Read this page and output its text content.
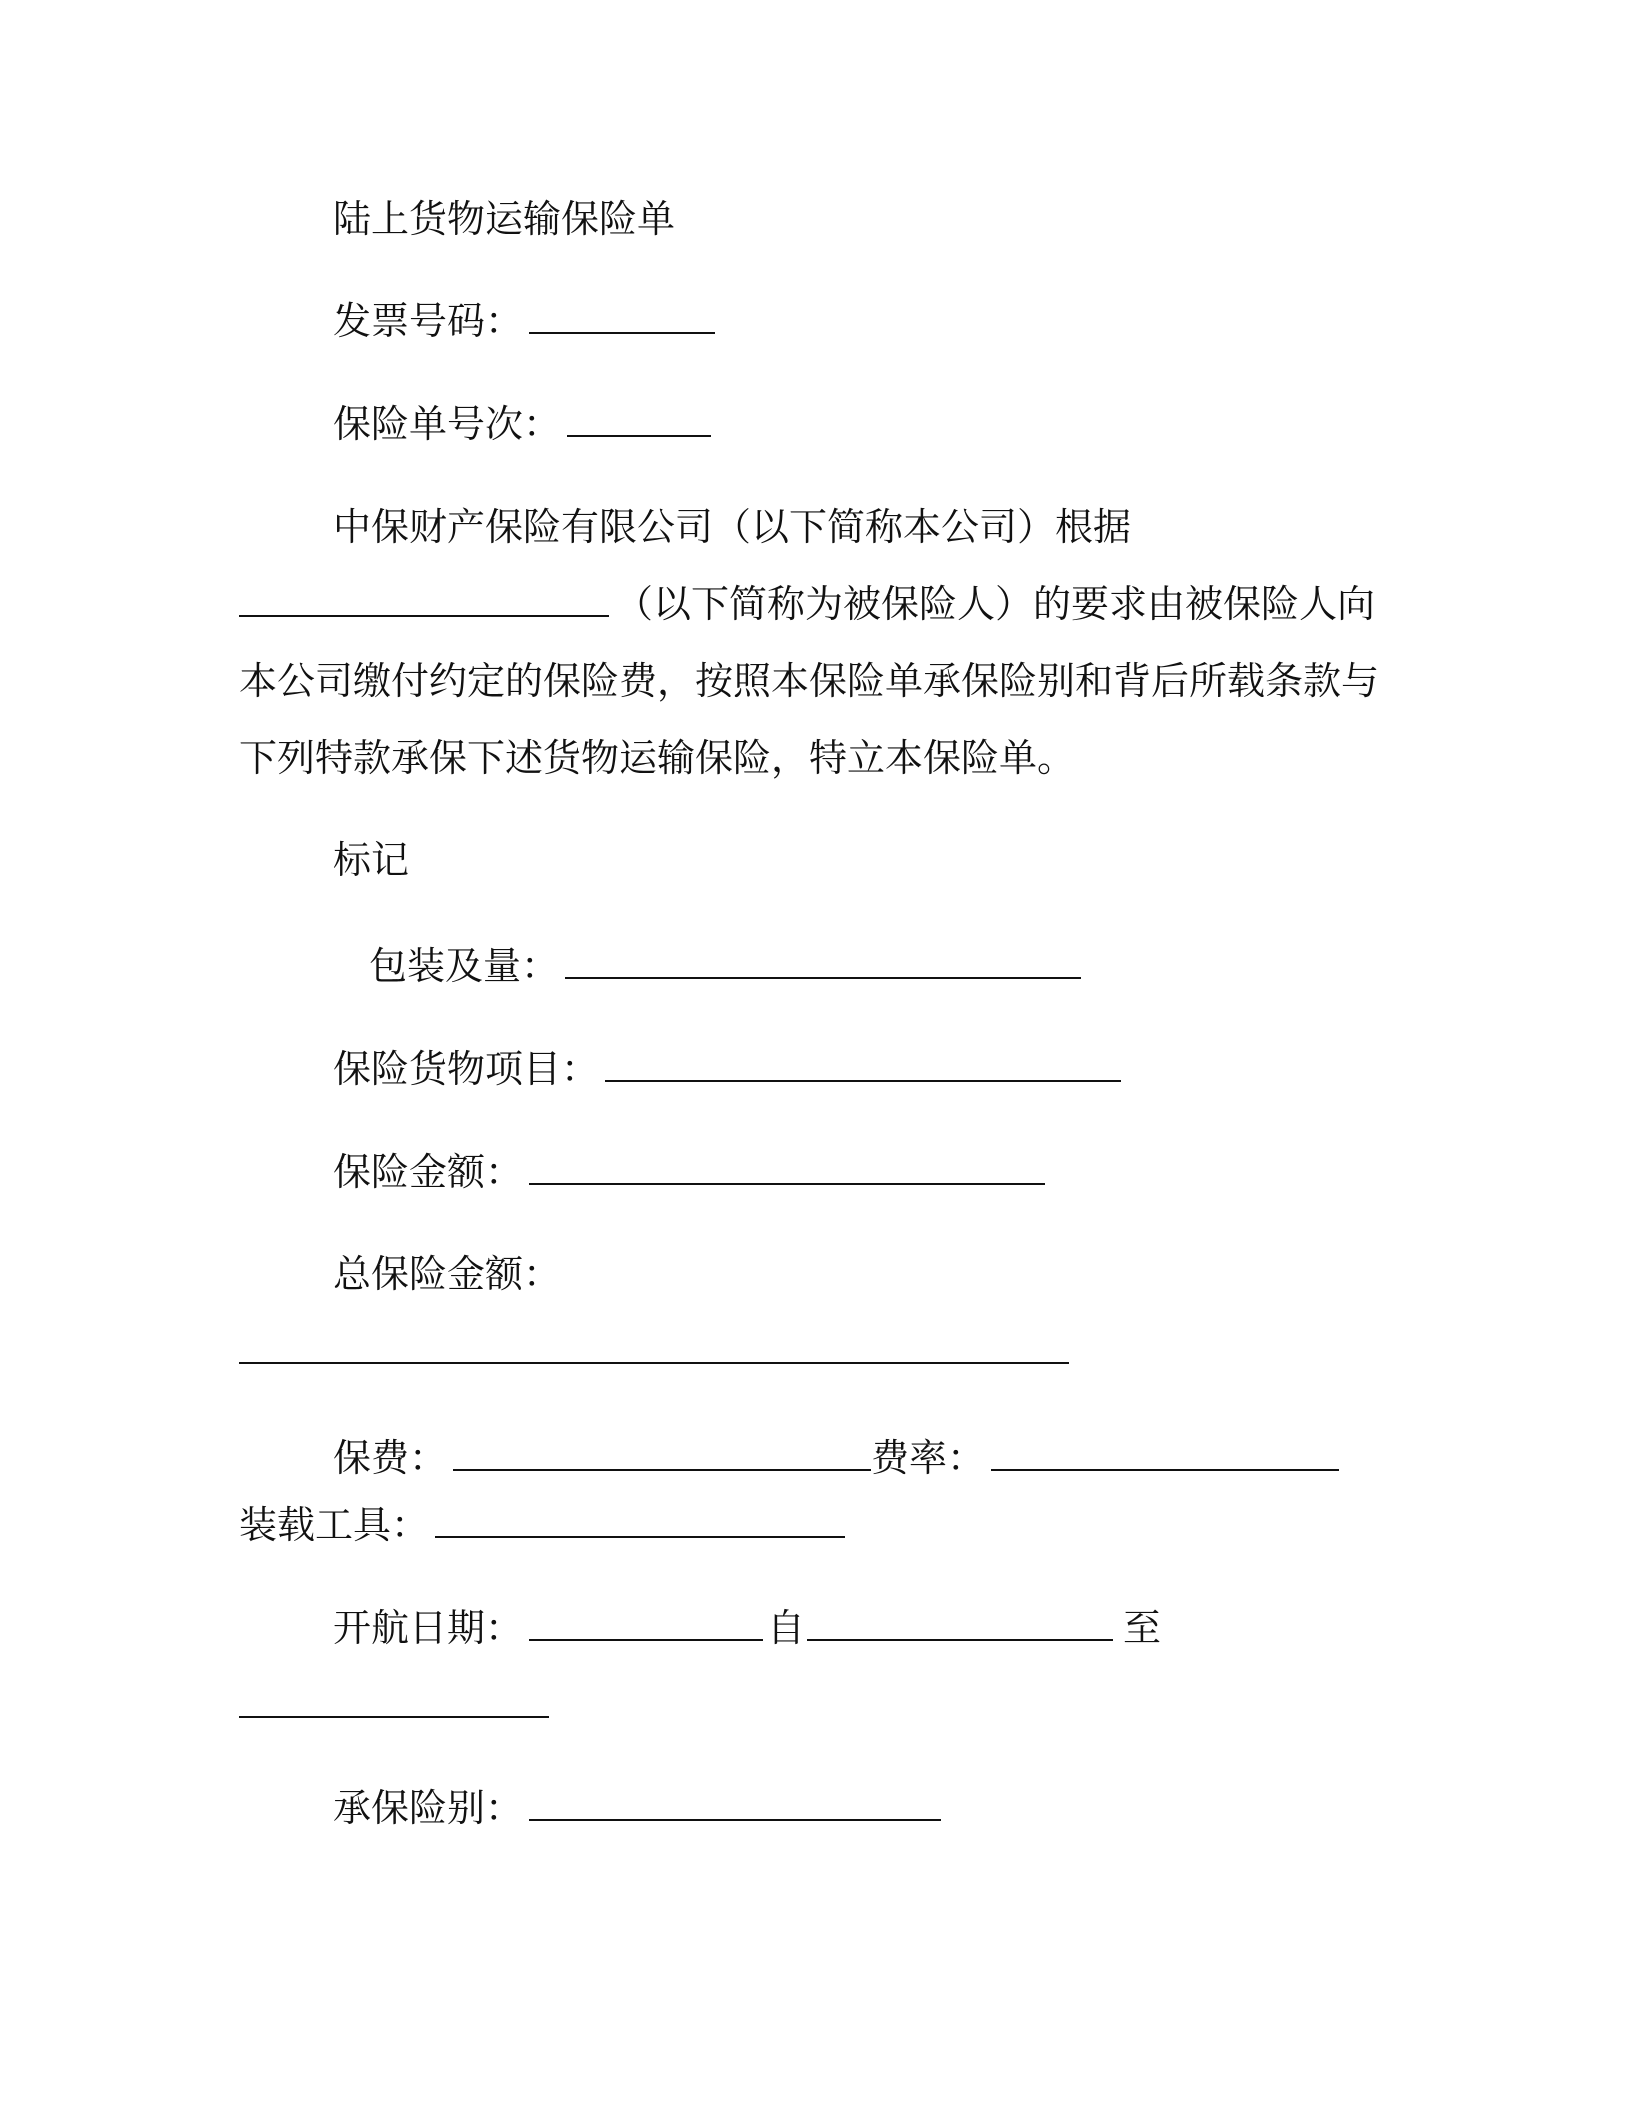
陆上货物运输保险单
发票号码：
保险单号次：
中保财产保险有限公司（以下简称本公司）根据
（以下简称为被保险人）的要求由被保险人向
本公司缴付约定的保险费，按照本保险单承保险别和背后所载条款与
下列特款承保下述货物运输保险，特立本保险单。
标记
包装及量：
保险货物项目：
保险金额：
总保险金额：
保费：	费率：
装载工具：
开航日期：	自	至
承保险别：
